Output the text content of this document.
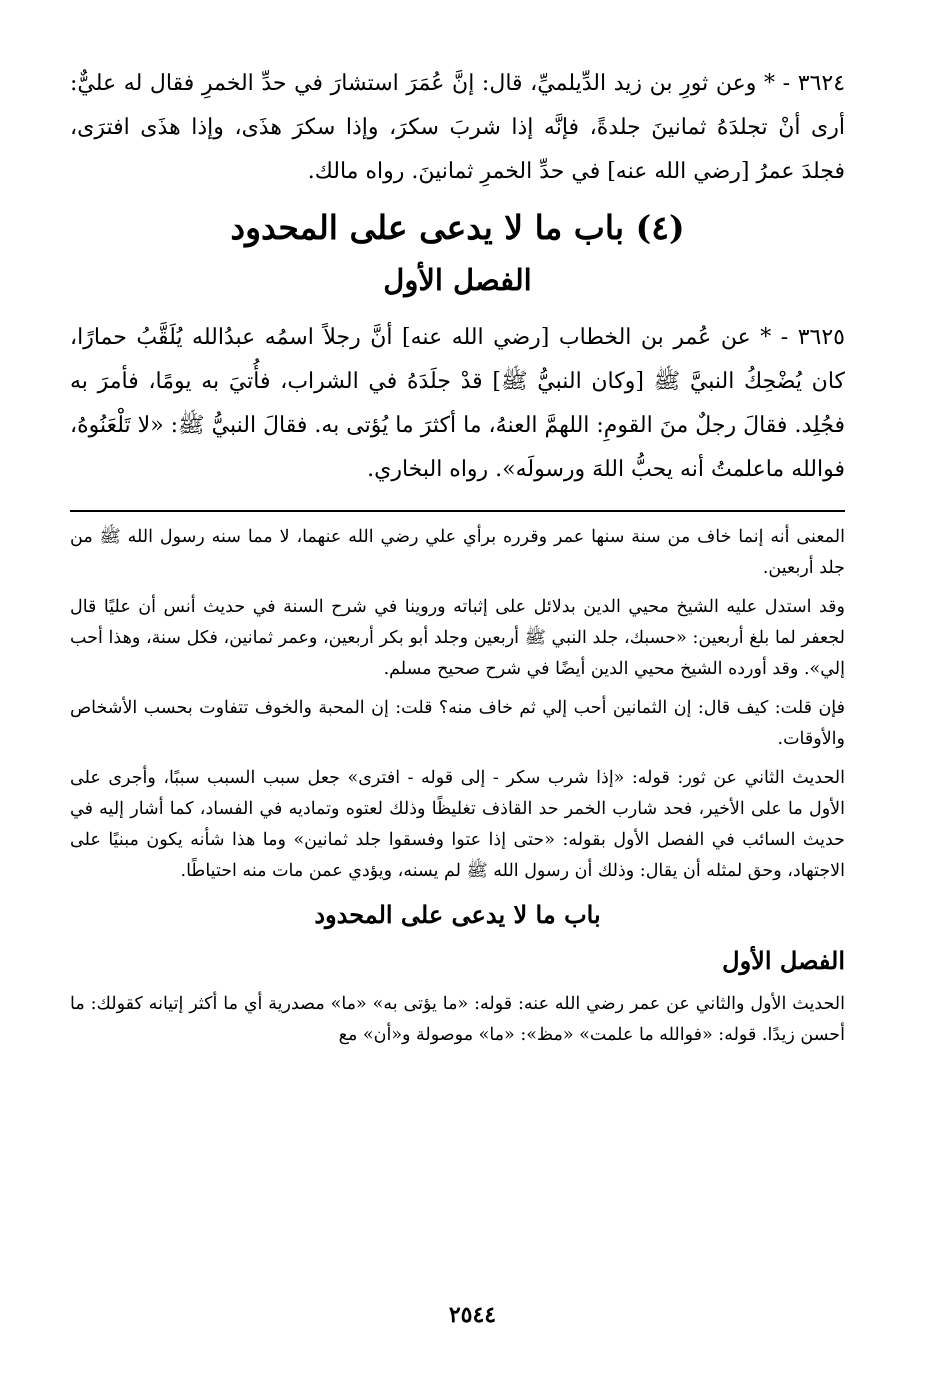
٣٦٢٤ - * وعن ثورِ بن زيد الدِّيلميِّ، قال: إنَّ عُمَرَ استشارَ في حدِّ الخمرِ فقال له عليٌّ: أرى أنْ تجلدَهُ ثمانينَ جلدةً، فإنَّه إذا شربَ سكرَ، وإذا سكرَ هذَى، وإذا هذَى افترَى، فجلدَ عمرُ [رضي الله عنه] في حدِّ الخمرِ ثمانينَ. رواه مالك.

(٤) باب ما لا يدعى على المحدود
الفصل الأول

٣٦٢٥ - * عن عُمر بن الخطاب [رضي الله عنه] أنَّ رجلاً اسمُه عبدُالله يُلَقَّبُ حمارًا، كان يُضْحِكُ النبيَّ ﷺ [وكان النبيُّ ﷺ] قدْ جلَدَهُ في الشراب، فأُتيَ به يومًا، فأمرَ به فجُلِد. فقالَ رجلٌ منَ القومِ: اللهمَّ العنهُ، ما أكثرَ ما يُؤتى به. فقالَ النبيُّ ﷺ: «لا تَلْعَنُوهُ، فوالله ماعلمتُ أنه يحبُّ اللهَ ورسولَه». رواه البخاري.

المعنى أنه إنما خاف من سنة سنها عمر وقرره برأي علي رضي الله عنهما، لا مما سنه رسول الله ﷺ من جلد أربعين.

وقد استدل عليه الشيخ محيي الدين بدلائل على إثباته وروينا في شرح السنة في حديث أنس أن عليًا قال لجعفر لما بلغ أربعين: «حسبك، جلد النبي ﷺ أربعين وجلد أبو بكر أربعين، وعمر ثمانين، فكل سنة، وهذا أحب إلي». وقد أورده الشيخ محيي الدين أيضًا في شرح صحيح مسلم.

فإن قلت: كيف قال: إن الثمانين أحب إلي ثم خاف منه؟ قلت: إن المحبة والخوف تتفاوت بحسب الأشخاص والأوقات.

الحديث الثاني عن ثور: قوله: «إذا شرب سكر - إلى قوله - افترى» جعل سبب السبب سببًا، وأجرى على الأول ما على الأخير، فحد شارب الخمر حد القاذف تغليظًا وذلك لعتوه وتماديه في الفساد، كما أشار إليه في حديث السائب في الفصل الأول بقوله: «حتى إذا عتوا وفسقوا جلد ثمانين» وما هذا شأنه يكون مبنيًا على الاجتهاد، وحق لمثله أن يقال: وذلك أن رسول الله ﷺ لم يسنه، ويؤدي عمن مات منه احتياطًا.

باب ما لا يدعى على المحدود
الفصل الأول

الحديث الأول والثاني عن عمر رضي الله عنه: قوله: «ما يؤتى به» «ما» مصدرية أي ما أكثر إتيانه كقولك: ما أحسن زيدًا. قوله: «فوالله ما علمت» «مظ»: «ما» موصولة و«أن» مع

٢٥٤٤
